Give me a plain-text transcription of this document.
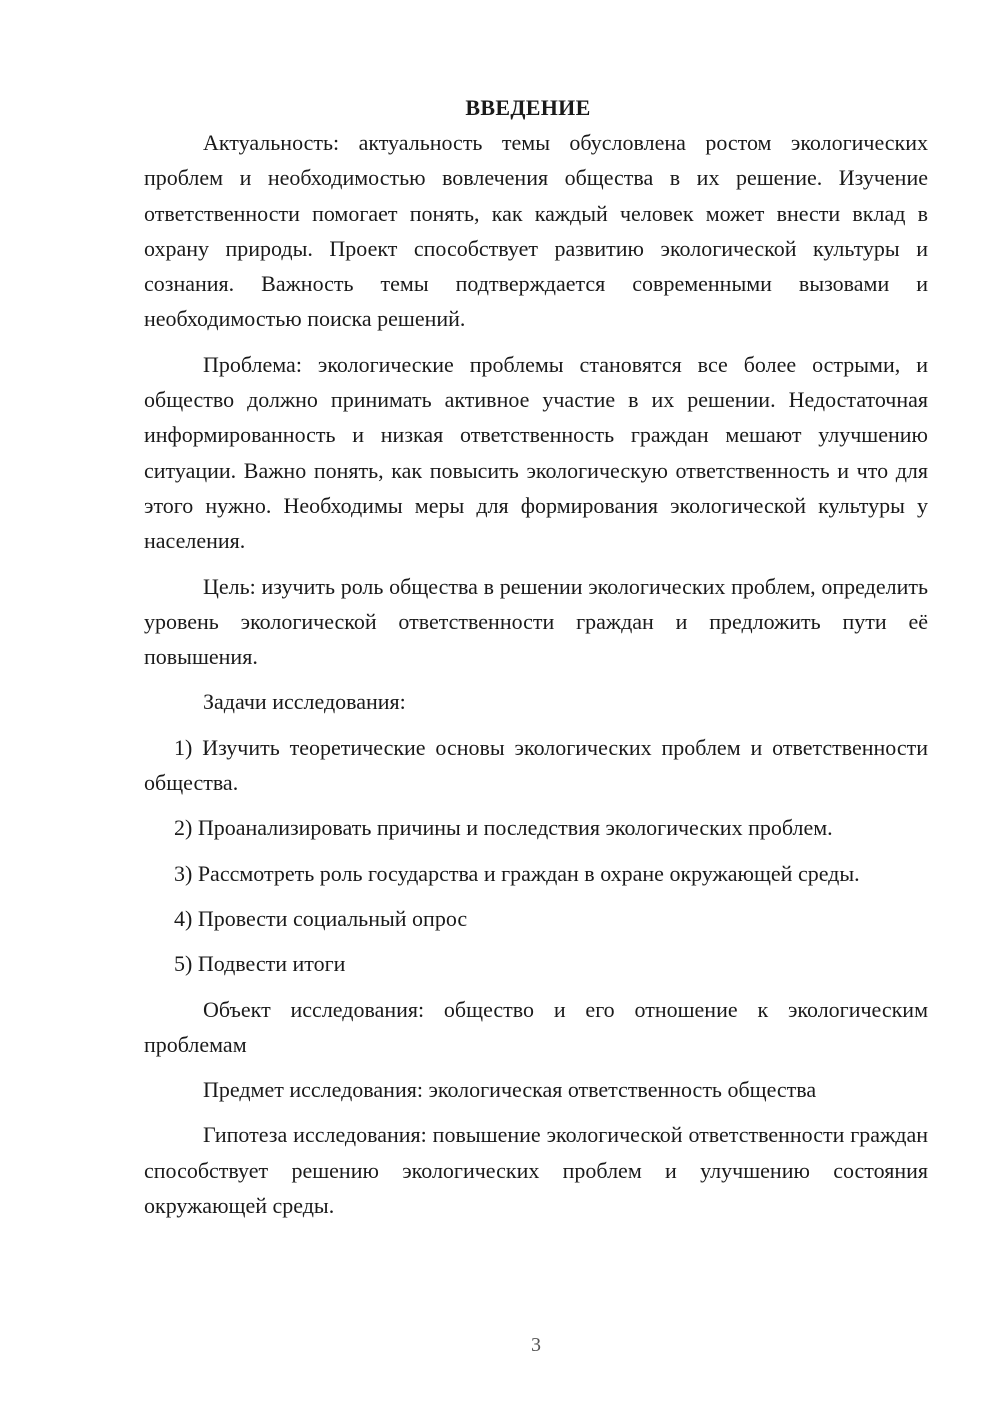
ВВЕДЕНИЕ

Актуальность: актуальность темы обусловлена ростом экологических проблем и необходимостью вовлечения общества в их решение. Изучение ответственности помогает понять, как каждый человек может внести вклад в охрану природы. Проект способствует развитию экологической культуры и сознания. Важность темы подтверждается современными вызовами и необходимостью поиска решений.

Проблема: экологические проблемы становятся все более острыми, и общество должно принимать активное участие в их решении. Недостаточная информированность и низкая ответственность граждан мешают улучшению ситуации. Важно понять, как повысить экологическую ответственность и что для этого нужно. Необходимы меры для формирования экологической культуры у населения.

Цель: изучить роль общества в решении экологических проблем, определить уровень экологической ответственности граждан и предложить пути её повышения.

Задачи исследования:

1) Изучить теоретические основы экологических проблем и ответственности общества.

2) Проанализировать причины и последствия экологических проблем.

3) Рассмотреть роль государства и граждан в охране окружающей среды.

4) Провести социальный опрос

5) Подвести итоги

Объект исследования: общество и его отношение к экологическим проблемам

Предмет исследования: экологическая ответственность общества

Гипотеза исследования: повышение экологической ответственности граждан способствует решению экологических проблем и улучшению состояния окружающей среды.

3
